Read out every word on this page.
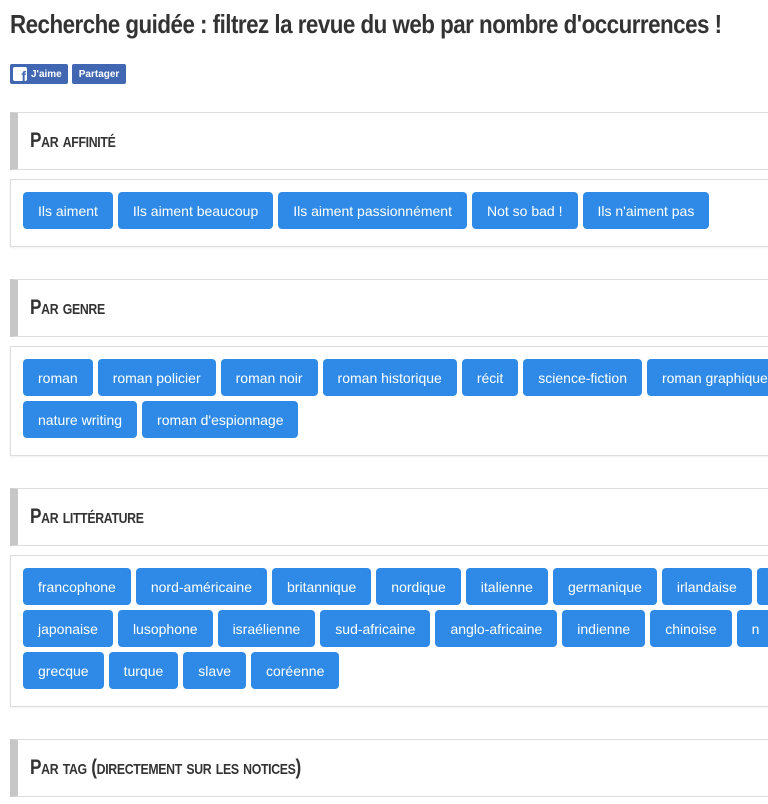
Recherche guidée : filtrez la revue du web par nombre d'occurrences !
f J'aime Partager
Par affinité
Ils aiment	Ils aiment beaucoup	Ils aiment passionnément	Not so bad !	Ils n'aiment pas
Par genre
roman	roman policier	roman noir	roman historique	récit	science-fiction	roman graphique
nature writing	roman d'espionnage
Par littérature
francophone	nord-américaine	britannique	nordique	italienne	germanique	irlandaise
japonaise	lusophone	israélienne	sud-africaine	anglo-africaine	indienne	chinoise	n
grecque	turque	slave	coréenne
Par tag (directement sur les notices)
